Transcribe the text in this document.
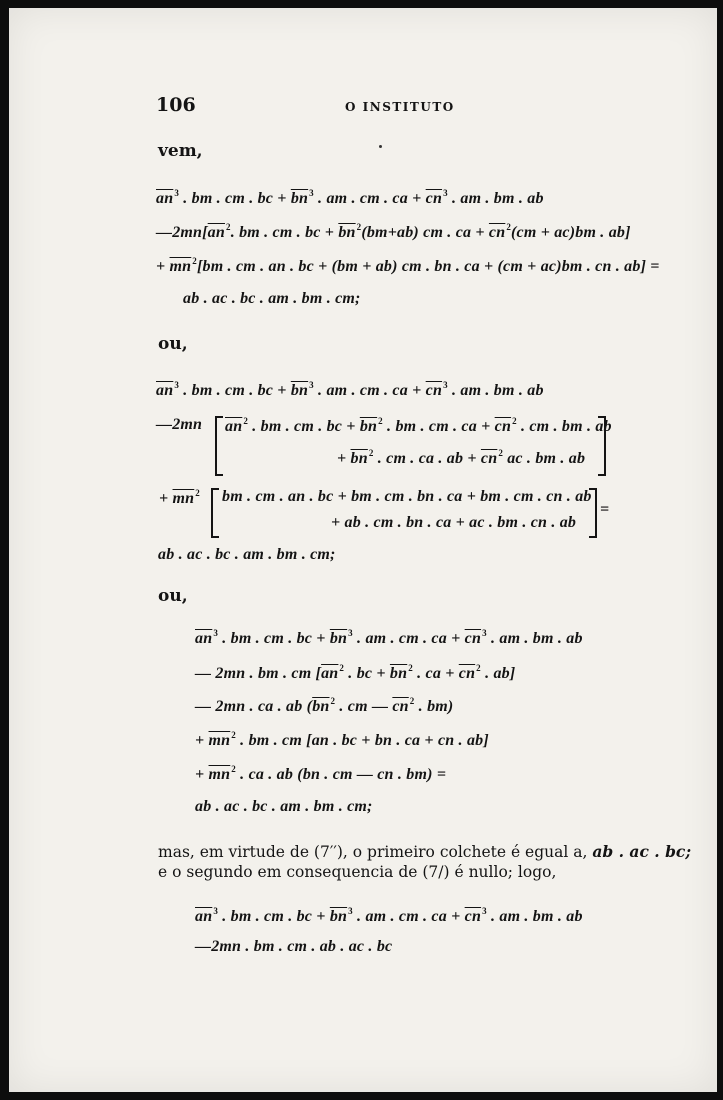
106	O INSTITUTO
vem,
$\overline{an}^3$ . bm . cm . bc + $\overline{bn}^3$ . am . cm . ca + $\overline{cn}^3$ . am . bm . ab
$—2mn[\overline{an}^2$. bm . cm . bc + $\overline{bn}^2(bm+ab)$ cm . ca + $\overline{cn}^2(cm + ac)bm$ . ab]
+ $\overline{mn}^2[bm$ . cm . an . bc + (bm + ab) cm . bn . ca + (cm + ac)bm . cn . ab] =
ab . ac . bc . am . bm . cm;
ou,
$\overline{an}^3$ . bm . cm . bc + $\overline{bn}^3$ . am . cm . ca + $\overline{cn}^3$ . am . bm . ab
—2mn $\overline{an}^2$ . bm . cm . bc + $\overline{bn}^2$ . bm . cm . ca + $\overline{cn}^2$ . cm . bm . ab
+ $\overline{bn}^2$ . cm . ca . ab + $\overline{cn}^2$ ac . bm . ab
+ $\overline{mn}^2$ bm . cm . an . bc + bm . cm . bn . ca + bm . cm . cn . ab
+ ab . cm . bn . ca + ac . bm . cn . ab
=
ab . ac . bc . am . bm . cm;
ou,
$\overline{an}^3$ . bm . cm . bc + $\overline{bn}^3$ . am . cm . ca + $\overline{cn}^3$ . am . bm . ab
— 2mn . bm . cm [$\overline{an}^2$ . bc + $\overline{bn}^2$ . ca + $\overline{cn}^2$ . ab]
— 2mn . ca . ab ($\overline{bn}^2$ . cm — $\overline{cn}^2$ . bm)
+ $\overline{mn}^2$ . bm . cm [an . bc + bn . ca + cn . ab]
+ $\overline{mn}^2$ . ca . ab (bn . cm — cn . bm) =
ab . ac . bc . am . bm . cm;
mas, em virtude de (7′′), o primeiro colchete é egual a, ab . ac . bc;
e o segundo em consequencia de (7/) é nullo; logo,
$\overline{an}^3$ . bm . cm . bc + $\overline{bn}^3$ . am . cm . ca + $\overline{cn}^3$ . am . bm . ab
—2mn . bm . cm . ab . ac . bc
